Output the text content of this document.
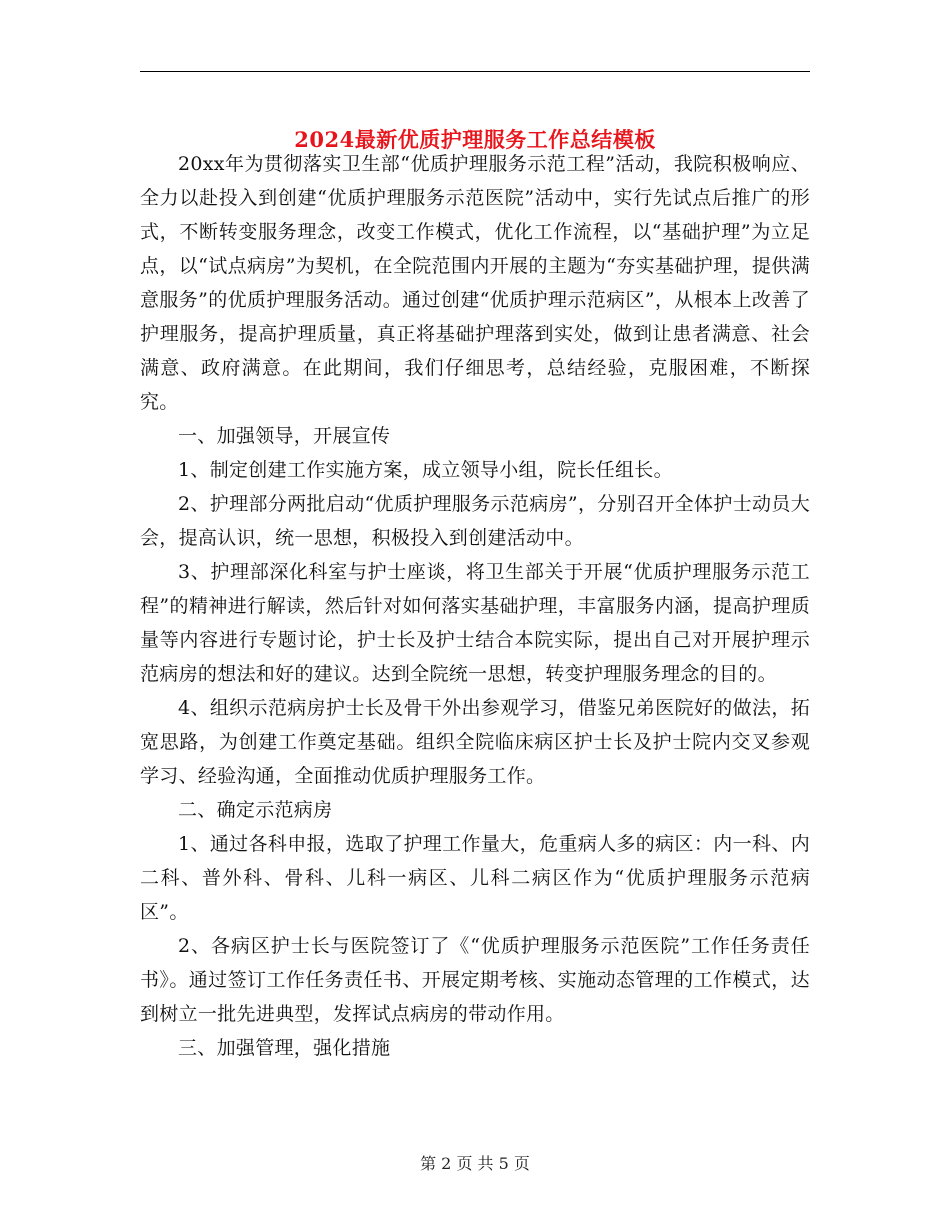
2024最新优质护理服务工作总结模板

20xx年为贯彻落实卫生部“优质护理服务示范工程”活动，我院积极响应、全力以赴投入到创建“优质护理服务示范医院”活动中，实行先试点后推广的形式，不断转变服务理念，改变工作模式，优化工作流程，以“基础护理”为立足点，以“试点病房”为契机，在全院范围内开展的主题为“夯实基础护理，提供满意服务”的优质护理服务活动。通过创建“优质护理示范病区”，从根本上改善了护理服务，提高护理质量，真正将基础护理落到实处，做到让患者满意、社会满意、政府满意。在此期间，我们仔细思考，总结经验，克服困难，不断探究。

一、加强领导，开展宣传

1、制定创建工作实施方案，成立领导小组，院长任组长。

2、护理部分两批启动“优质护理服务示范病房”，分别召开全体护士动员大会，提高认识，统一思想，积极投入到创建活动中。

3、护理部深化科室与护士座谈，将卫生部关于开展“优质护理服务示范工程”的精神进行解读，然后针对如何落实基础护理，丰富服务内涵，提高护理质量等内容进行专题讨论，护士长及护士结合本院实际，提出自己对开展护理示范病房的想法和好的建议。达到全院统一思想，转变护理服务理念的目的。

4、组织示范病房护士长及骨干外出参观学习，借鉴兄弟医院好的做法，拓宽思路，为创建工作奠定基础。组织全院临床病区护士长及护士院内交叉参观学习、经验沟通，全面推动优质护理服务工作。

二、确定示范病房

1、通过各科申报，选取了护理工作量大，危重病人多的病区：内一科、内二科、普外科、骨科、儿科一病区、儿科二病区作为“优质护理服务示范病区”。

2、各病区护士长与医院签订了《“优质护理服务示范医院”工作任务责任书》。通过签订工作任务责任书、开展定期考核、实施动态管理的工作模式，达到树立一批先进典型，发挥试点病房的带动作用。

三、加强管理，强化措施

第 2 页 共 5 页
